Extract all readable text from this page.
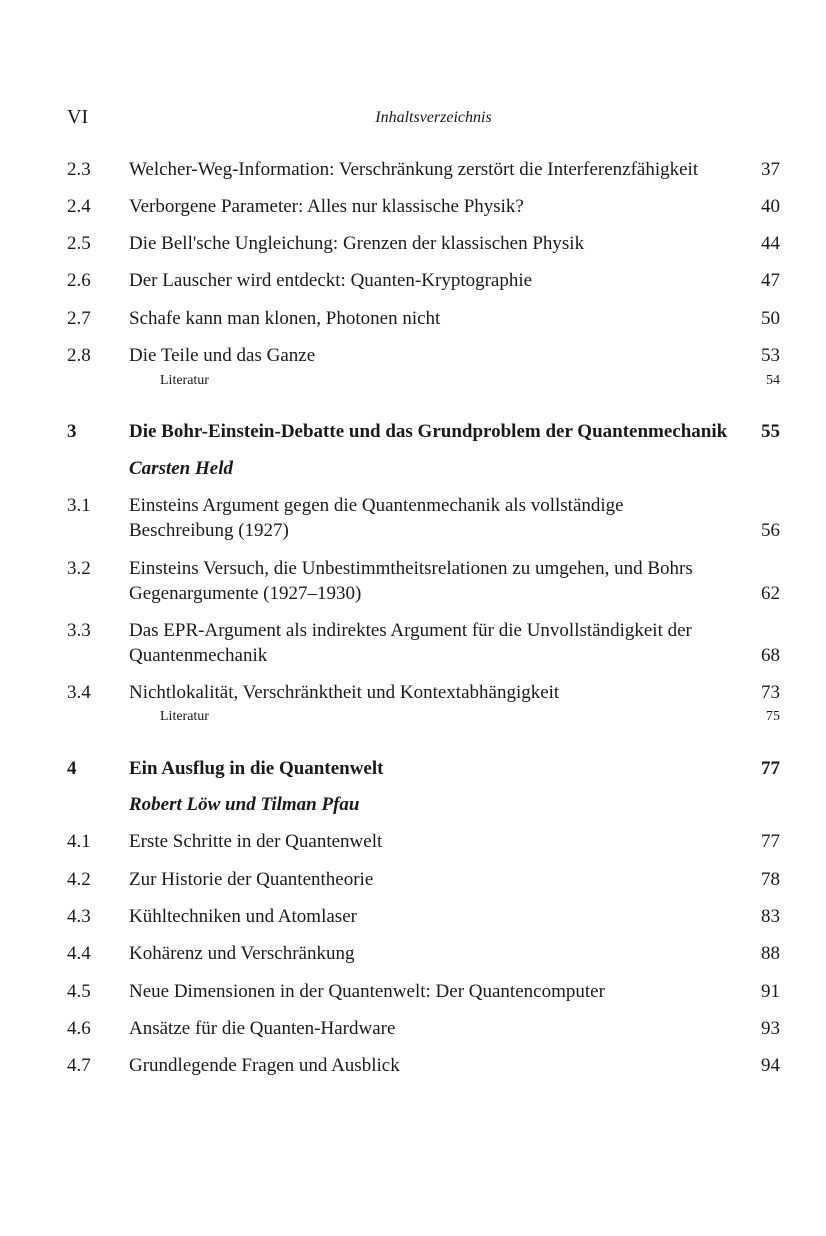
VI	Inhaltsverzeichnis
2.3 Welcher-Weg-Information: Verschränkung zerstört die Interferenzfähigkeit	37
2.4 Verborgene Parameter: Alles nur klassische Physik?	40
2.5 Die Bell'sche Ungleichung: Grenzen der klassischen Physik	44
2.6 Der Lauscher wird entdeckt: Quanten-Kryptographie	47
2.7 Schafe kann man klonen, Photonen nicht	50
2.8 Die Teile und das Ganze	53
Literatur	54
3	Die Bohr-Einstein-Debatte und das Grundproblem der Quantenmechanik	55
Carsten Held
3.1 Einsteins Argument gegen die Quantenmechanik als vollständige
Beschreibung (1927)	56
3.2 Einsteins Versuch, die Unbestimmtheitsrelationen zu umgehen, und Bohrs
Gegenargumente (1927–1930)	62
3.3 Das EPR-Argument als indirektes Argument für die Unvollständigkeit der
Quantenmechanik	68
3.4 Nichtlokalität, Verschränktheit und Kontextabhängigkeit	73
Literatur	75
4	Ein Ausflug in die Quantenwelt	77
Robert Löw und Tilman Pfau
4.1 Erste Schritte in der Quantenwelt	77
4.2 Zur Historie der Quantentheorie	78
4.3 Kühltechniken und Atomlaser	83
4.4 Kohärenz und Verschränkung	88
4.5 Neue Dimensionen in der Quantenwelt: Der Quantencomputer	91
4.6 Ansätze für die Quanten-Hardware	93
4.7 Grundlegende Fragen und Ausblick	94
